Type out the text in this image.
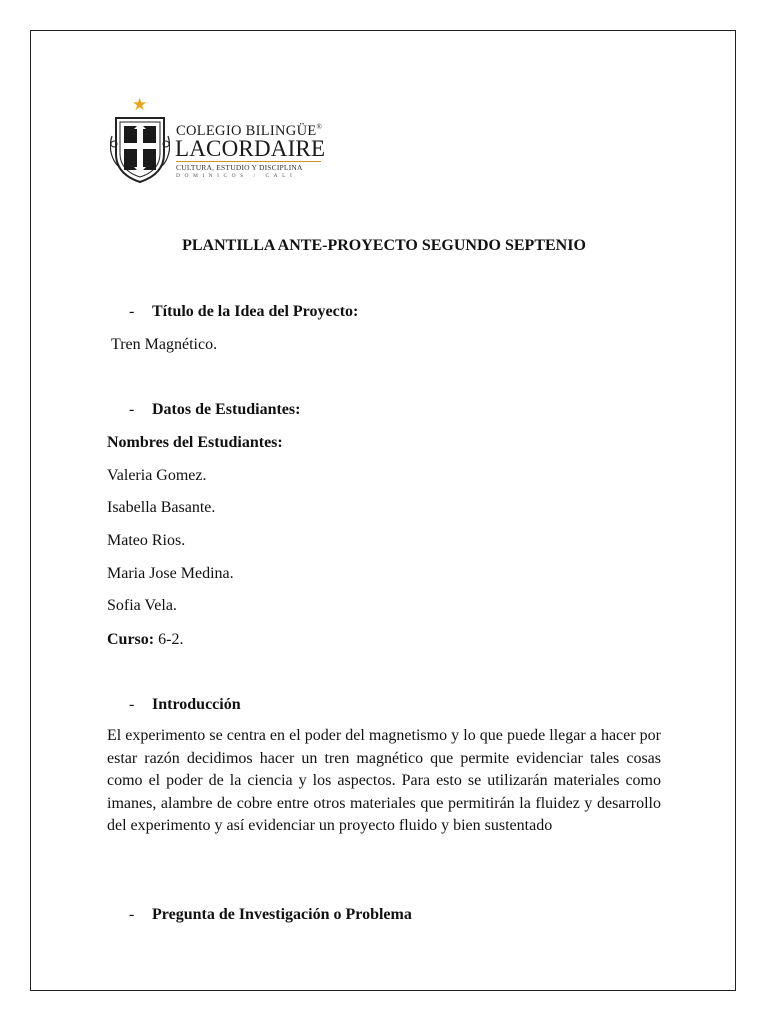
★
COLEGIO BILINGÜE®
LACORDAIRE
CULTURA, ESTUDIO Y DISCIPLINA
DOMINICOS / CALI
PLANTILLA ANTE-PROYECTO SEGUNDO SEPTENIO
- Título de la Idea del Proyecto:
Tren Magnético.
- Datos de Estudiantes:
Nombres del Estudiantes:
Valeria Gomez.
Isabella Basante.
Mateo Rios.
Maria Jose Medina.
Sofia Vela.
Curso: 6-2.
- Introducción
El experimento se centra en el poder del magnetismo y lo que puede llegar a hacer por estar razón decidimos hacer un tren magnético que permite evidenciar tales cosas como el poder de la ciencia y los aspectos. Para esto se utilizarán materiales como imanes, alambre de cobre entre otros materiales que permitirán la fluidez y desarrollo del experimento y así evidenciar un proyecto fluido y bien sustentado
- Pregunta de Investigación o Problema
